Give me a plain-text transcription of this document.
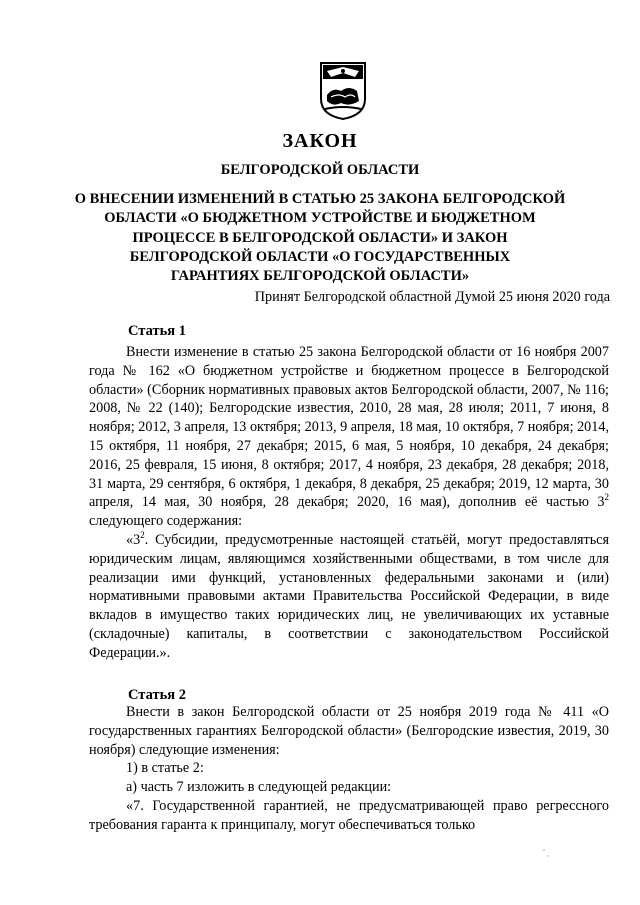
ЗАКОН
БЕЛГОРОДСКОЙ ОБЛАСТИ
О ВНЕСЕНИИ ИЗМЕНЕНИЙ В СТАТЬЮ 25 ЗАКОНА БЕЛГОРОДСКОЙ
ОБЛАСТИ «О БЮДЖЕТНОМ УСТРОЙСТВЕ И БЮДЖЕТНОМ
ПРОЦЕССЕ В БЕЛГОРОДСКОЙ ОБЛАСТИ» И ЗАКОН
БЕЛГОРОДСКОЙ ОБЛАСТИ «О ГОСУДАРСТВЕННЫХ
ГАРАНТИЯХ БЕЛГОРОДСКОЙ ОБЛАСТИ»
Принят Белгородской областной Думой 25 июня 2020 года
Статья 1

Внести изменение в статью 25 закона Белгородской области от 16 ноября 2007 года № 162 «О бюджетном устройстве и бюджетном процессе в Белгородской области» (Сборник нормативных правовых актов Белгородской области, 2007, № 116; 2008, № 22 (140); Белгородские известия, 2010, 28 мая, 28 июля; 2011, 7 июня, 8 ноября; 2012, 3 апреля, 13 октября; 2013, 9 апреля, 18 мая, 10 октября, 7 ноября; 2014, 15 октября, 11 ноября, 27 декабря; 2015, 6 мая, 5 ноября, 10 декабря, 24 декабря; 2016, 25 февраля, 15 июня, 8 октября; 2017, 4 ноября, 23 декабря, 28 декабря; 2018, 31 марта, 29 сентября, 6 октября, 1 декабря, 8 декабря, 25 декабря; 2019, 12 марта, 30 апреля, 14 мая, 30 ноября, 28 декабря; 2020, 16 мая), дополнив её частью $3^2$ следующего содержания:

«$3^2$. Субсидии, предусмотренные настоящей статьёй, могут предоставляться юридическим лицам, являющимся хозяйственными обществами, в том числе для реализации ими функций, установленных федеральными законами и (или) нормативными правовыми актами Правительства Российской Федерации, в виде вкладов в имущество таких юридических лиц, не увеличивающих их уставные (складочные) капиталы, в соответствии с законодательством Российской Федерации.».

Статья 2

Внести в закон Белгородской области от 25 ноября 2019 года № 411 «О государственных гарантиях Белгородской области» (Белгородские известия, 2019, 30 ноября) следующие изменения:

1) в статье 2:

а) часть 7 изложить в следующей редакции:

«7. Государственной гарантией, не предусматривающей право регрессного требования гаранта к принципалу, могут обеспечиваться только
